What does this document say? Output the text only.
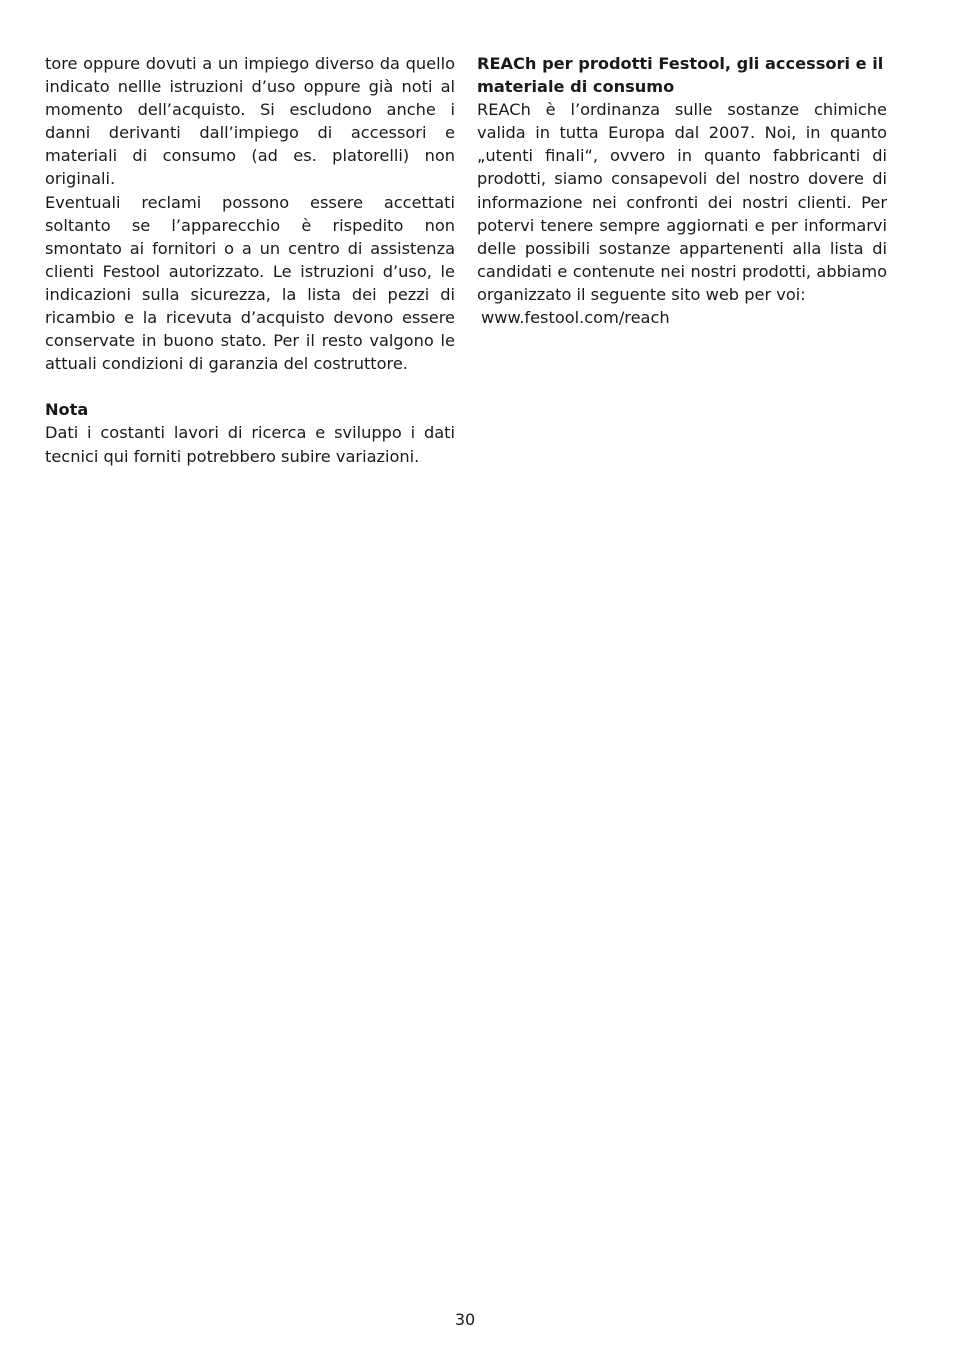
tore oppure dovuti a un impiego diverso da quello indicato nellle istruzioni d’uso oppure già noti al momento dell’acquisto. Si escludono anche i danni derivanti dall’impiego di accessori e materiali di consumo (ad es. platorelli) non originali.

Eventuali reclami possono essere accettati soltanto se l’apparecchio è rispedito non smontato ai fornitori o a un centro di assistenza clienti Festool autorizzato. Le istruzioni d’uso, le indicazioni sulla sicurezza, la lista dei pezzi di ricambio e la ricevuta d’acquisto devono essere conservate in buono stato. Per il resto valgono le attuali condizioni di garanzia del costruttore.

Nota

Dati i costanti lavori di ricerca e sviluppo i dati tecnici qui forniti potrebbero subire variazioni.

REACh per prodotti Festool, gli accessori e il materiale di consumo

REACh è l’ordinanza sulle sostanze chimiche valida in tutta Europa dal 2007. Noi, in quanto „utenti finali“, ovvero in quanto fabbricanti di prodotti, siamo consapevoli del nostro dovere di informazione nei confronti dei nostri clienti. Per potervi tenere sempre aggiornati e per informarvi delle possibili sostanze appartenenti alla lista di candidati e contenute nei nostri prodotti, abbiamo organizzato il seguente sito web per voi:

www.festool.com/reach

30
